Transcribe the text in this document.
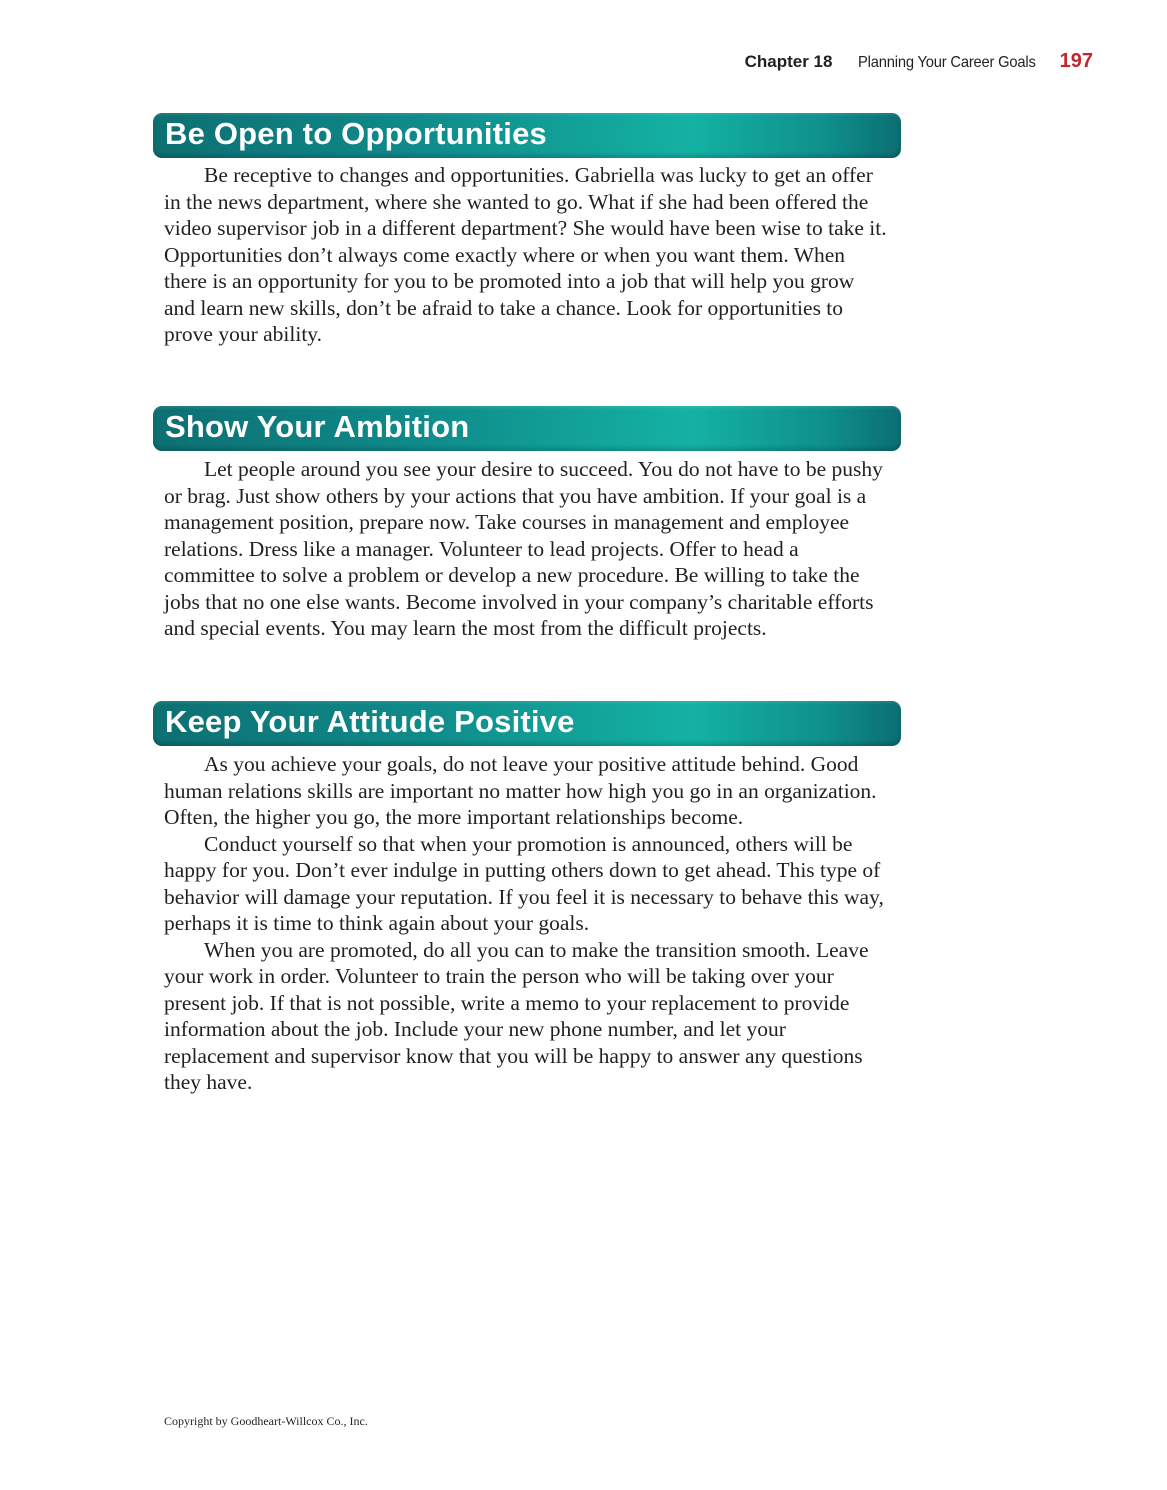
Chapter 18 Planning Your Career Goals 197
Be Open to Opportunities

Be receptive to changes and opportunities. Gabriella was lucky to get an offer in the news department, where she wanted to go. What if she had been offered the video supervisor job in a different department? She would have been wise to take it. Opportunities don’t always come exactly where or when you want them. When there is an opportunity for you to be promoted into a job that will help you grow and learn new skills, don’t be afraid to take a chance. Look for opportunities to prove your ability.

Show Your Ambition

Let people around you see your desire to succeed. You do not have to be pushy or brag. Just show others by your actions that you have ambition. If your goal is a management position, prepare now. Take courses in management and employee relations. Dress like a manager. Volunteer to lead projects. Offer to head a committee to solve a problem or develop a new procedure. Be willing to take the jobs that no one else wants. Become involved in your company’s charitable efforts and special events. You may learn the most from the difficult projects.

Keep Your Attitude Positive

As you achieve your goals, do not leave your positive attitude behind. Good human relations skills are important no matter how high you go in an organization. Often, the higher you go, the more important relationships become.

Conduct yourself so that when your promotion is announced, others will be happy for you. Don’t ever indulge in putting others down to get ahead. This type of behavior will damage your reputation. If you feel it is necessary to behave this way, perhaps it is time to think again about your goals.

When you are promoted, do all you can to make the transition smooth. Leave your work in order. Volunteer to train the person who will be taking over your present job. If that is not possible, write a memo to your replacement to provide information about the job. Include your new phone number, and let your replacement and supervisor know that you will be happy to answer any questions they have.

Copyright by Goodheart-Willcox Co., Inc.
